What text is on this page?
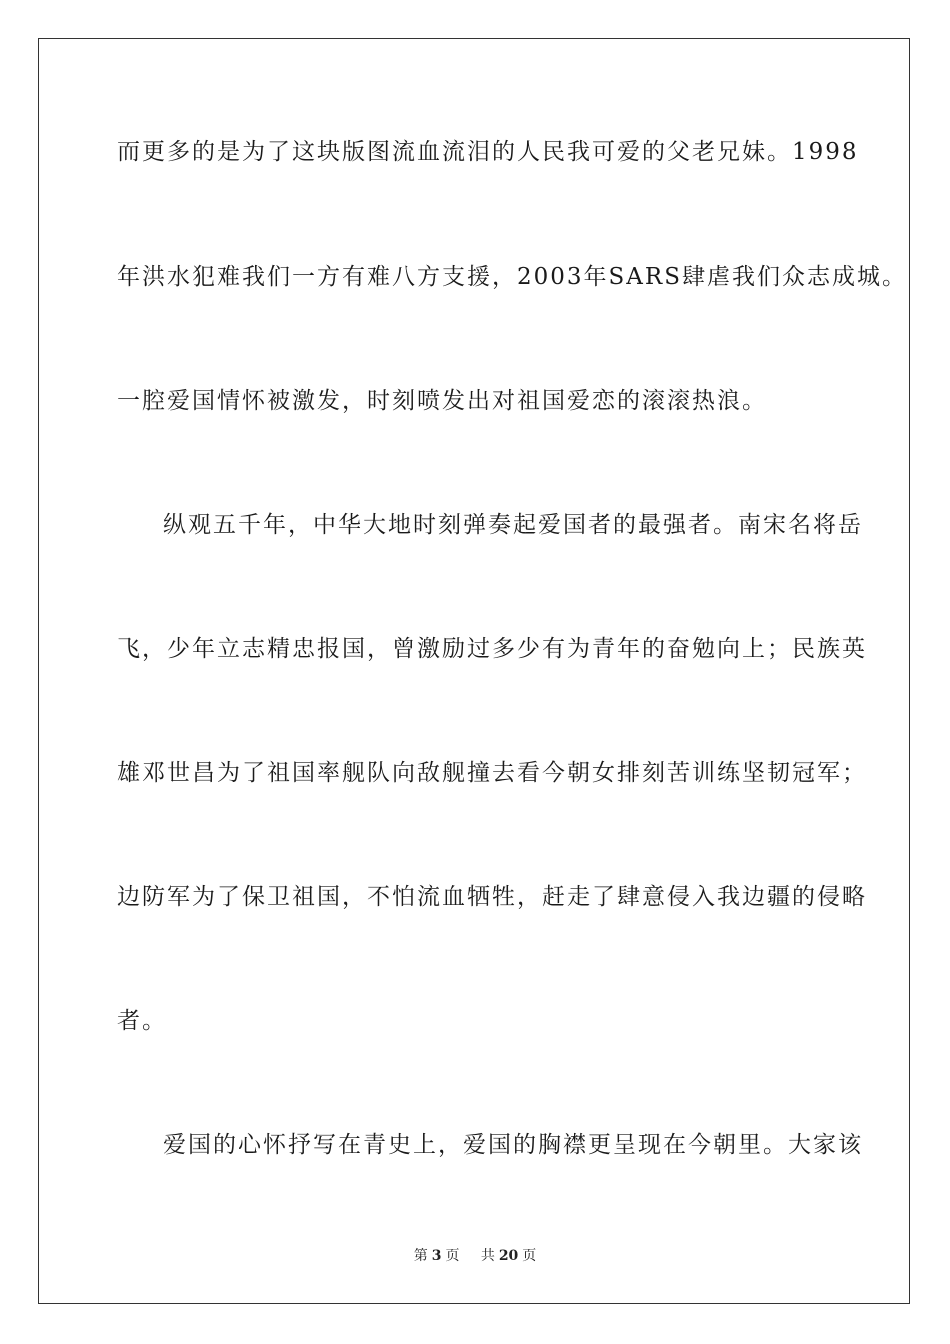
而更多的是为了这块版图流血流泪的人民我可爱的父老兄妹。1998
年洪水犯难我们一方有难八方支援，2003年SARS肆虐我们众志成城。
一腔爱国情怀被激发，时刻喷发出对祖国爱恋的滚滚热浪。
纵观五千年，中华大地时刻弹奏起爱国者的最强者。南宋名将岳
飞，少年立志精忠报国，曾激励过多少有为青年的奋勉向上；民族英
雄邓世昌为了祖国率舰队向敌舰撞去看今朝女排刻苦训练坚韧冠军；
边防军为了保卫祖国，不怕流血牺牲，赶走了肆意侵入我边疆的侵略
者。
爱国的心怀抒写在青史上，爱国的胸襟更呈现在今朝里。大家该
第 3 页 共 20 页
